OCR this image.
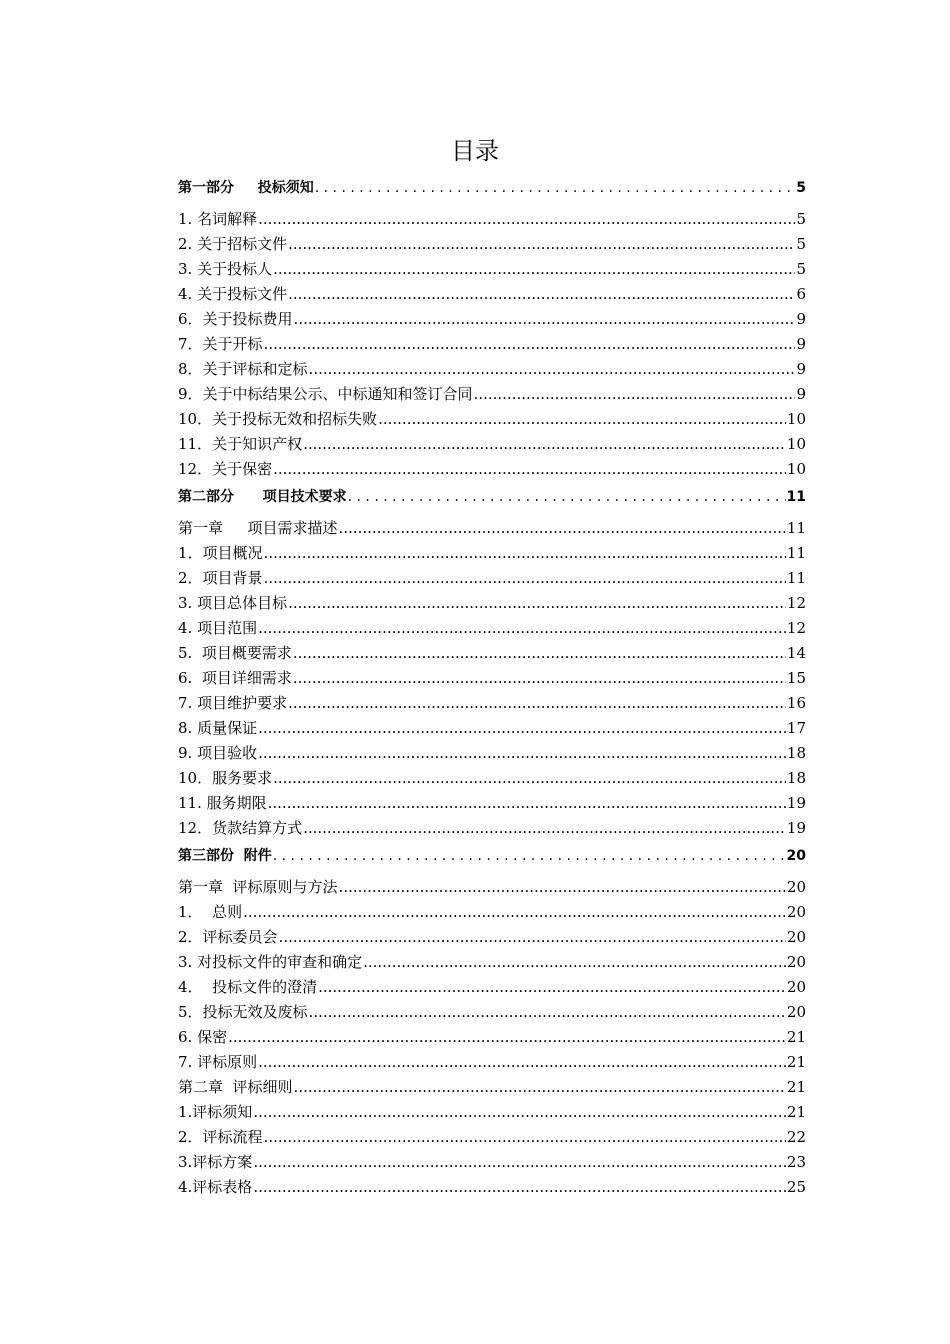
目录
第一部分　  投标须知 . . .	5
1. 名词解释 .....	5
2. 关于招标文件 .....	5
3. 关于投标人 .....	5
4. 关于投标文件 .....	6
6．关于投标费用 .....	9
7．关于开标 .....	9
8．关于评标和定标 .....	9
9．关于中标结果公示、中标通知和签订合同 .....	9
10．关于投标无效和招标失败 .....	10
11．关于知识产权 .....	10
12．关于保密 .....	10
第二部分　   项目技术要求 . . .	11
第一章　  项目需求描述 .....	11
1．项目概况 .....	11
2．项目背景 .....	11
3. 项目总体目标 .....	12
4. 项目范围 .....	12
5.  项目概要需求 .....	14
6.  项目详细需求 .....	15
7. 项目维护要求 .....	16
8. 质量保证 .....	17
9. 项目验收 .....	18
10．服务要求 .....	18
11. 服务期限 .....	19
12．货款结算方式 .....	19
第三部份  附件 . . .	20
第一章  评标原则与方法 .....	20
1．  总则 .....	20
2．评标委员会 .....	20
3. 对投标文件的审查和确定 .....	20
4．  投标文件的澄清 .....	20
5．投标无效及废标 .....	20
6. 保密 .....	21
7. 评标原则 .....	21
第二章  评标细则 .....	21
1.评标须知 .....	21
2．评标流程 .....	22
3.评标方案 .....	23
4.评标表格 .....	25
